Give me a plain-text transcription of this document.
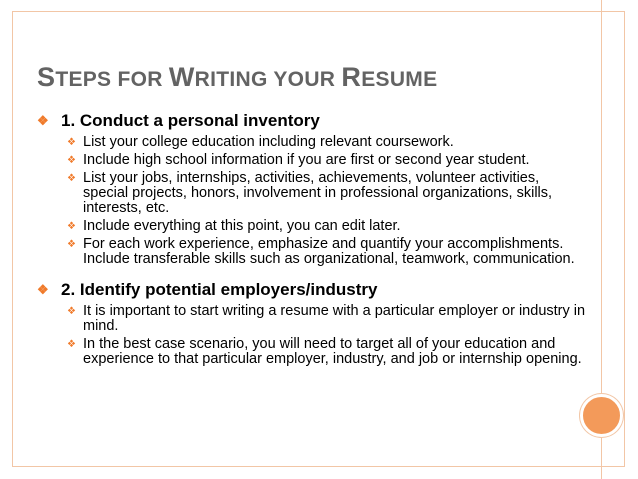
STEPS FOR WRITING YOUR RESUME
❖ 1. Conduct a personal inventory
❖ List your college education including relevant coursework.
❖ Include high school information if you are first or second year student.
❖ List your jobs, internships, activities, achievements, volunteer activities, special projects, honors, involvement in professional organizations, skills, interests, etc.
❖ Include everything at this point, you can edit later.
❖ For each work experience, emphasize and quantify your accomplishments. Include transferable skills such as organizational, teamwork, communication.
❖ 2. Identify potential employers/industry
❖ It is important to start writing a resume with a particular employer or industry in mind.
❖ In the best case scenario, you will need to target all of your education and experience to that particular employer, industry, and job or internship opening.
